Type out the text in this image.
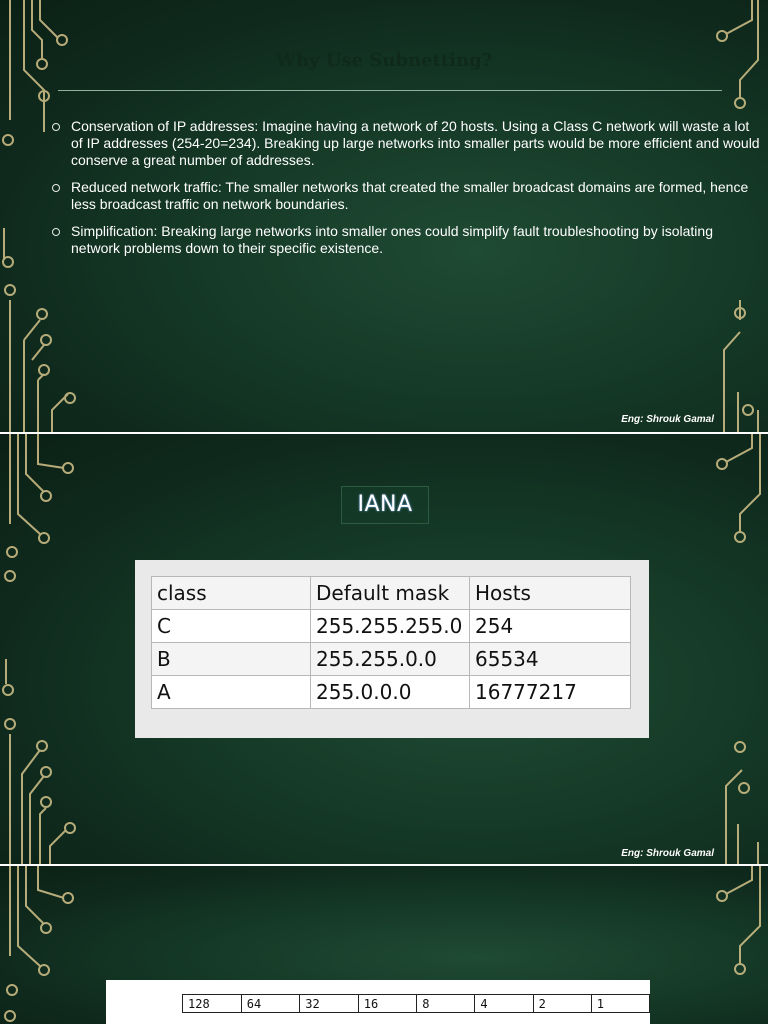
Why Use Subnetting?
Conservation of IP addresses: Imagine having a network of 20 hosts. Using a Class C network will waste a lot of IP addresses (254-20=234). Breaking up large networks into smaller parts would be more efficient and would conserve a great number of addresses.
Reduced network traffic: The smaller networks that created the smaller broadcast domains are formed, hence less broadcast traffic on network boundaries.
Simplification: Breaking large networks into smaller ones could simplify fault troubleshooting by isolating network problems down to their specific existence.
Eng: Shrouk Gamal
IANA
class	Default mask	Hosts
C	255.255.255.0	254
B	255.255.0.0	65534
A	255.0.0.0	16777217
Eng: Shrouk Gamal
128	64	32	16	8	4	2	1
